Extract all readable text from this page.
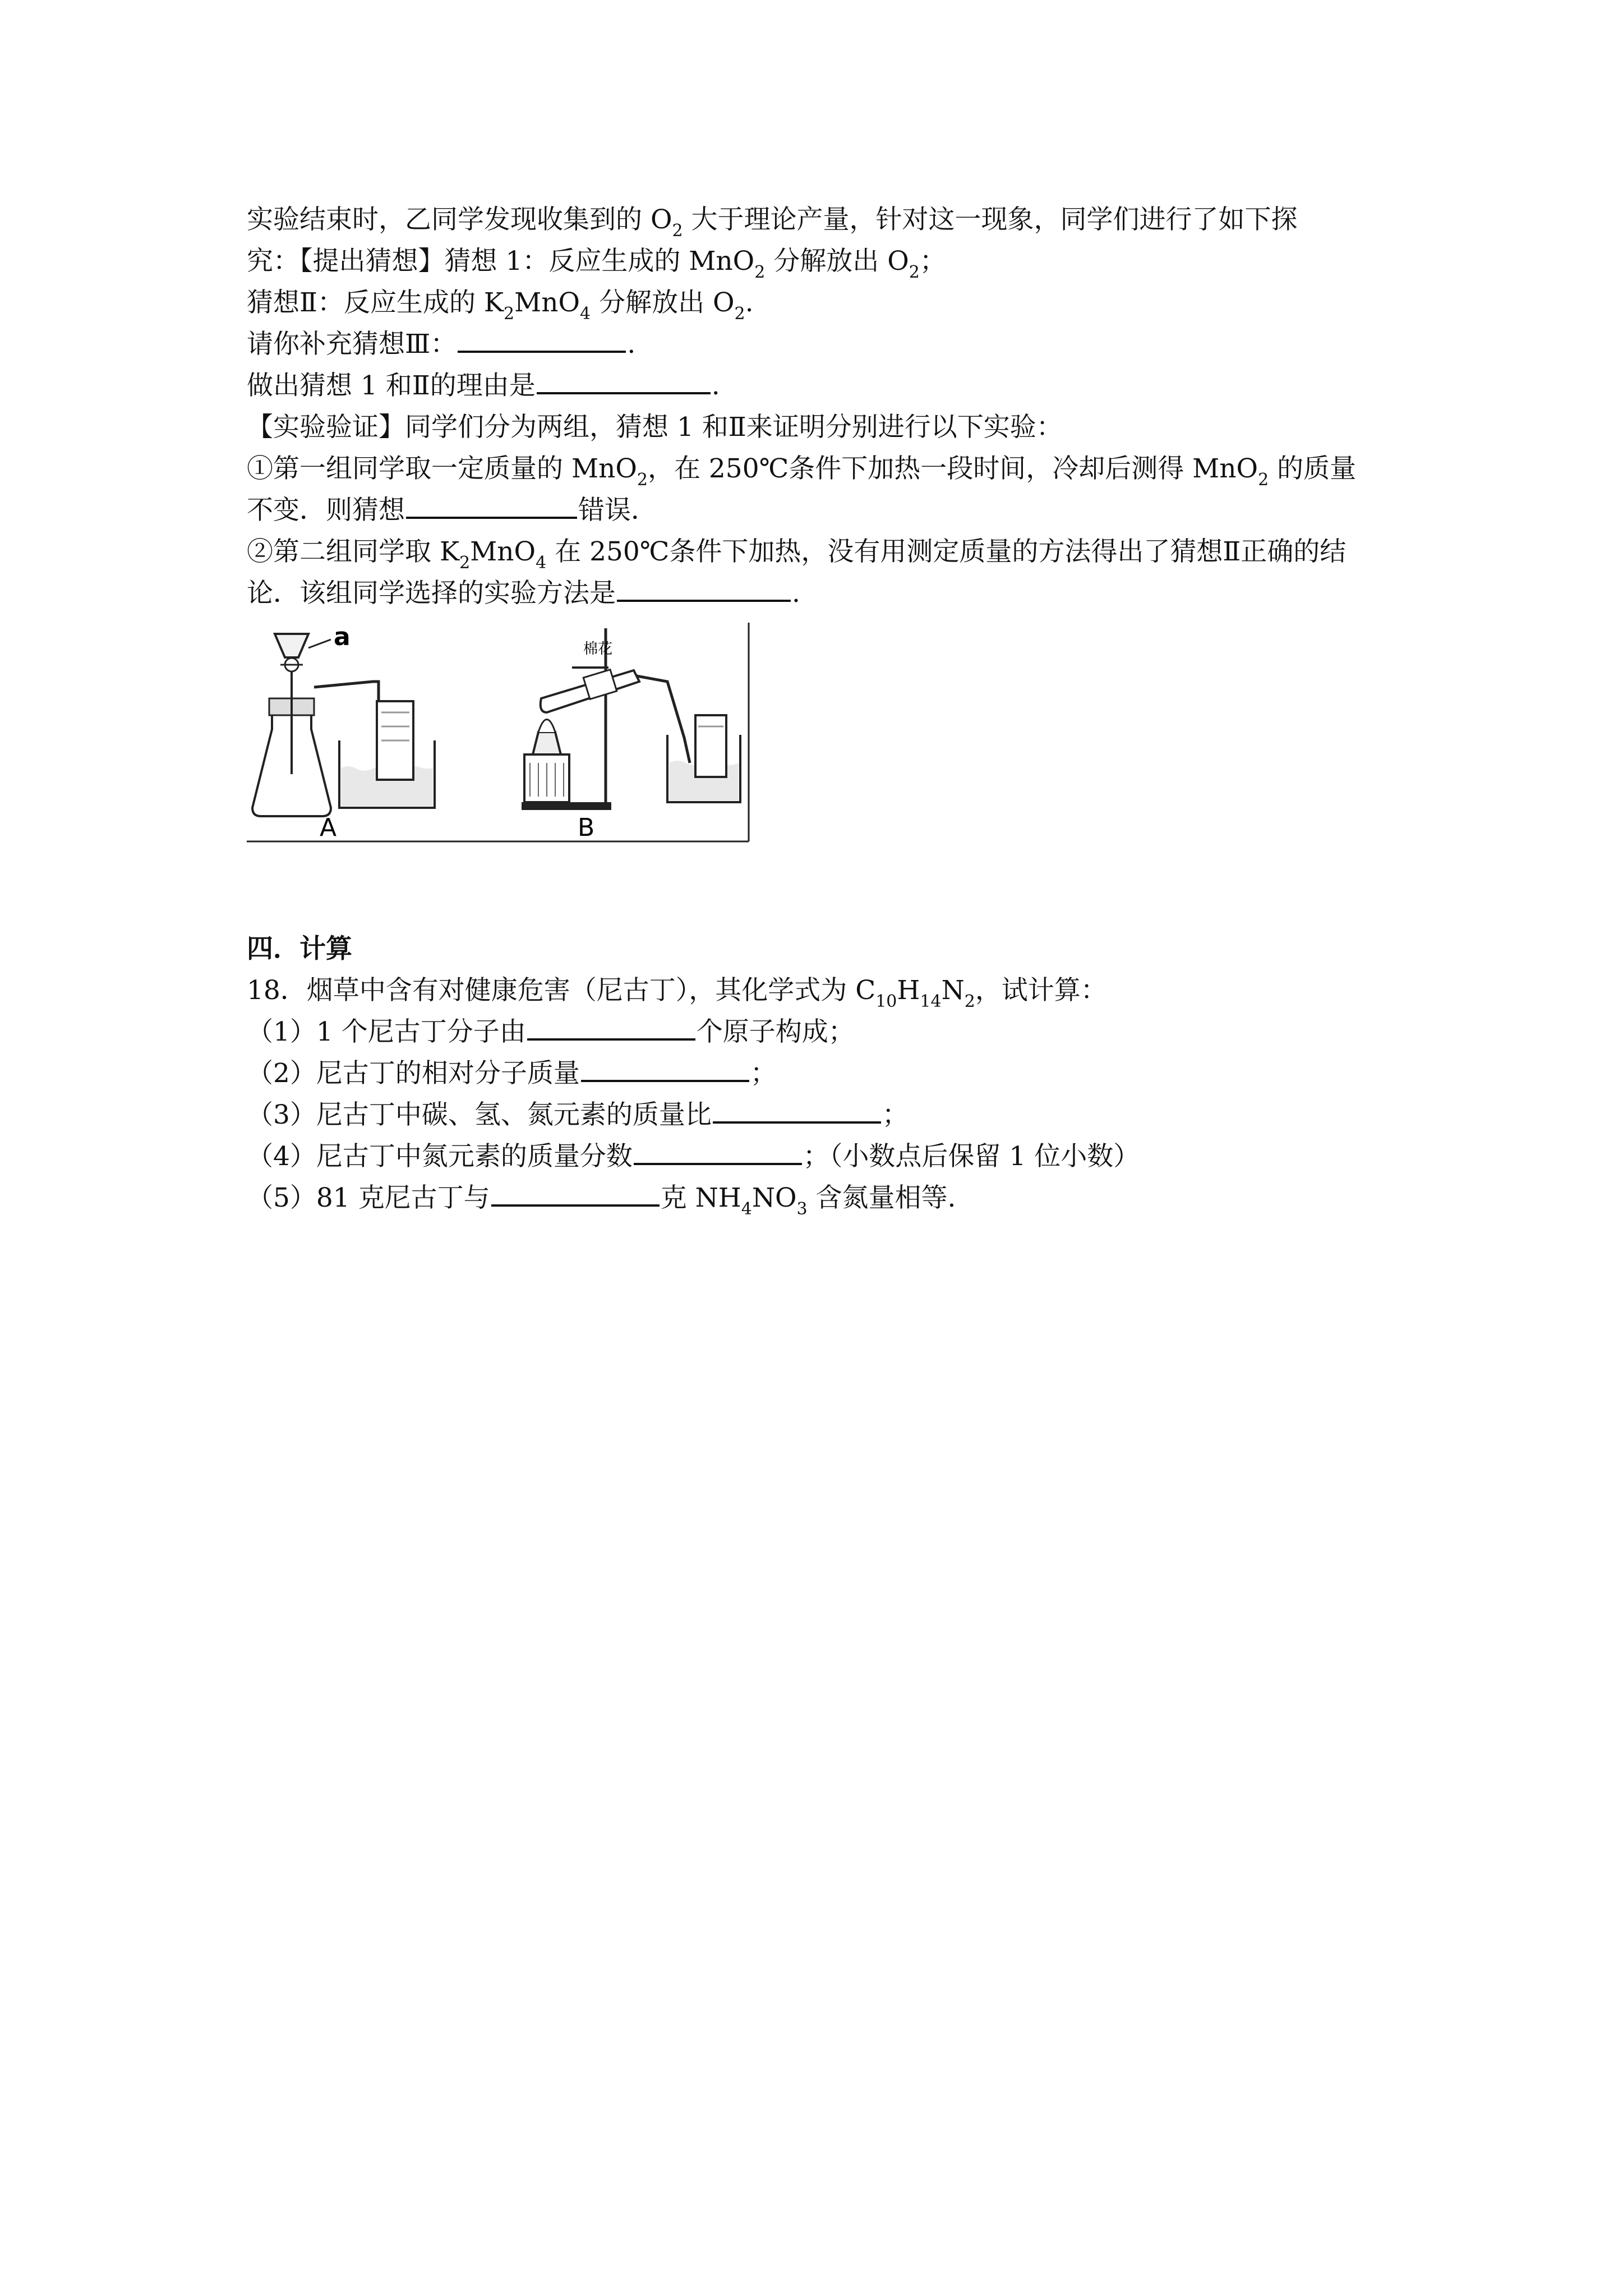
实验结束时，乙同学发现收集到的 $O_2$ 大于理论产量，针对这一现象，同学们进行了如下探
究：【提出猜想】猜想 1：反应生成的 MnO$_2$ 分解放出 $O_2$；
猜想Ⅱ：反应生成的 $K_2MnO_4$ 分解放出 $O_2$.
请你补充猜想Ⅲ：	.
做出猜想 1 和Ⅱ的理由是	.
【实验验证】同学们分为两组，猜想 1 和Ⅱ来证明分别进行以下实验：
①第一组同学取一定质量的 MnO$_2$，在 250℃条件下加热一段时间，冷却后测得 MnO$_2$ 的质量
不变．则猜想	错误．
②第二组同学取 $K_2MnO_4$ 在 250℃条件下加热，没有用测定质量的方法得出了猜想Ⅱ正确的结
论．该组同学选择的实验方法是	.
a
A
棉花
B
四．计算
18．烟草中含有对健康危害（尼古丁），其化学式为 $C_{10}H_{14}N_2$，试计算：
（1）1 个尼古丁分子由	个原子构成；
（2）尼古丁的相对分子质量	；
（3）尼古丁中碳、氢、氮元素的质量比	；
（4）尼古丁中氮元素的质量分数	；（小数点后保留 1 位小数）
（5）81 克尼古丁与	克 $NH_4NO_3$ 含氮量相等.
